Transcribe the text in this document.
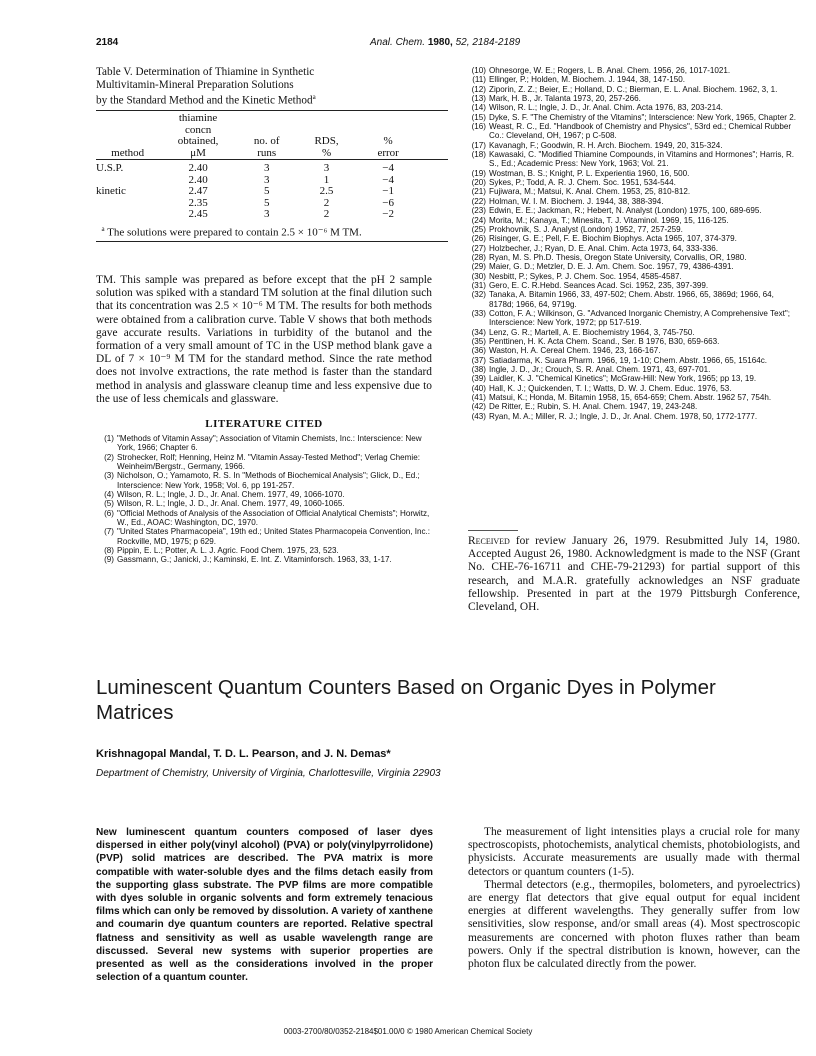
2184	Anal. Chem. 1980, 52, 2184-2189
Table V. Determination of Thiamine in Synthetic
Multivitamin-Mineral Preparation Solutions
by the Standard Method and the Kinetic Method$^a$
	thiamine				
	concn				
	obtained,	no. of	RDS,	%	
method	μM	runs	%	error	

U.S.P.	2.40	3	3	−4	
	2.40	3	1	−4	
kinetic	2.47	5	2.5	−1	
	2.35	5	2	−6	
	2.45	3	2	−2	
$^a$ The solutions were prepared to contain 2.5 × 10⁻⁶ M TM.
TM. This sample was prepared as before except that the pH 2 sample solution was spiked with a standard TM solution at the final dilution such that its concentration was 2.5 × 10⁻⁶ M TM. The results for both methods were obtained from a calibration curve. Table V shows that both methods gave accurate results. Variations in turbidity of the butanol and the formation of a very small amount of TC in the USP method blank gave a DL of 7 × 10⁻⁹ M TM for the standard method. Since the rate method does not involve extractions, the rate method is faster than the standard method in analysis and glassware cleanup time and less expensive due to the use of less chemicals and glassware.
LITERATURE CITED
(1) "Methods of Vitamin Assay"; Association of Vitamin Chemists, Inc.: Interscience: New York, 1966; Chapter 6.
(2) Strohecker, Rolf; Henning, Heinz M. "Vitamin Assay-Tested Method"; Verlag Chemie: Weinheim/Bergstr., Germany, 1966.
(3) Nicholson, O.; Yamamoto, R. S. In "Methods of Biochemical Analysis"; Glick, D., Ed.; Interscience: New York, 1958; Vol. 6, pp 191-257.
(4) Wilson, R. L.; Ingle, J. D., Jr. Anal. Chem. 1977, 49, 1066-1070.
(5) Wilson, R. L.; Ingle, J. D., Jr. Anal. Chem. 1977, 49, 1060-1065.
(6) "Official Methods of Analysis of the Association of Official Analytical Chemists"; Horwitz, W., Ed., AOAC: Washington, DC, 1970.
(7) "United States Pharmacopeia", 19th ed.; United States Pharmacopeia Convention, Inc.: Rockville, MD, 1975; p 629.
(8) Pippin, E. L.; Potter, A. L. J. Agric. Food Chem. 1975, 23, 523.
(9) Gassmann, G.; Janicki, J.; Kaminski, E. Int. Z. Vitaminforsch. 1963, 33, 1-17.
(10) Ohnesorge, W. E.; Rogers, L. B. Anal. Chem. 1956, 26, 1017-1021.
(11) Ellinger, P.; Holden, M. Biochem. J. 1944, 38, 147-150.
(12) Ziporin, Z. Z.; Beier, E.; Holland, D. C.; Bierman, E. L. Anal. Biochem. 1962, 3, 1.
(13) Mark, H. B., Jr. Talanta 1973, 20, 257-266.
(14) Wilson, R. L.; Ingle, J. D., Jr. Anal. Chim. Acta 1976, 83, 203-214.
(15) Dyke, S. F. "The Chemistry of the Vitamins"; Interscience: New York, 1965, Chapter 2.
(16) Weast, R. C., Ed. "Handbook of Chemistry and Physics", 53rd ed.; Chemical Rubber Co.: Cleveland, OH, 1967; p C-508.
(17) Kavanagh, F.; Goodwin, R. H. Arch. Biochem. 1949, 20, 315-324.
(18) Kawasaki, C. "Modified Thiamine Compounds, in Vitamins and Hormones"; Harris, R. S., Ed.; Academic Press: New York, 1963; Vol. 21.
(19) Wostman, B. S.; Knight, P. L. Experientia 1960, 16, 500.
(20) Sykes, P.; Todd, A. R. J. Chem. Soc. 1951, 534-544.
(21) Fujiwara, M.; Matsui, K. Anal. Chem. 1953, 25, 810-812.
(22) Holman, W. I. M. Biochem. J. 1944, 38, 388-394.
(23) Edwin, E. E.; Jackman, R.; Hebert, N. Analyst (London) 1975, 100, 689-695.
(24) Morita, M.; Kanaya, T.; Minesita, T. J. Vitaminol. 1969, 15, 116-125.
(25) Prokhovnik, S. J. Analyst (London) 1952, 77, 257-259.
(26) Risinger, G. E.; Pell, F. E. Biochim Biophys. Acta 1965, 107, 374-379.
(27) Holzbecher, J.; Ryan, D. E. Anal. Chim. Acta 1973, 64, 333-336.
(28) Ryan, M. S. Ph.D. Thesis, Oregon State University, Corvallis, OR, 1980.
(29) Maier, G. D.; Metzler, D. E. J. Am. Chem. Soc. 1957, 79, 4386-4391.
(30) Nesbitt, P.; Sykes, P. J. Chem. Soc. 1954, 4585-4587.
(31) Gero, E. C. R.Hebd. Seances Acad. Sci. 1952, 235, 397-399.
(32) Tanaka, A. Bitamin 1966, 33, 497-502; Chem. Abstr. 1966, 65, 3869d; 1966, 64, 8178d; 1966, 64, 9719g.
(33) Cotton, F. A.; Wilkinson, G. "Advanced Inorganic Chemistry, A Comprehensive Text"; Interscience: New York, 1972; pp 517-519.
(34) Lenz, G. R.; Martell, A. E. Biochemistry 1964, 3, 745-750.
(35) Penttinen, H. K. Acta Chem. Scand., Ser. B 1976, B30, 659-663.
(36) Waston, H. A. Cereal Chem. 1946, 23, 166-167.
(37) Satiadarma, K. Suara Pharm. 1966, 19, 1-10; Chem. Abstr. 1966, 65, 15164c.
(38) Ingle, J. D., Jr.; Crouch, S. R. Anal. Chem. 1971, 43, 697-701.
(39) Laidler, K. J. "Chemical Kinetics"; McGraw-Hill: New York, 1965; pp 13, 19.
(40) Hall, K. J.; Quickenden, T. I.; Watts, D. W. J. Chem. Educ. 1976, 53.
(41) Matsui, K.; Honda, M. Bitamin 1958, 15, 654-659; Chem. Abstr. 1962 57, 754h.
(42) De Ritter, E.; Rubin, S. H. Anal. Chem. 1947, 19, 243-248.
(43) Ryan, M. A.; Miller, R. J.; Ingle, J. D., Jr. Anal. Chem. 1978, 50, 1772-1777.
Received for review January 26, 1979. Resubmitted July 14, 1980. Accepted August 26, 1980. Acknowledgment is made to the NSF (Grant No. CHE-76-16711 and CHE-79-21293) for partial support of this research, and M.A.R. gratefully acknowledges an NSF graduate fellowship. Presented in part at the 1979 Pittsburgh Conference, Cleveland, OH.
Luminescent Quantum Counters Based on Organic Dyes in Polymer Matrices
Krishnagopal Mandal, T. D. L. Pearson, and J. N. Demas*
Department of Chemistry, University of Virginia, Charlottesville, Virginia 22903
New luminescent quantum counters composed of laser dyes dispersed in either poly(vinyl alcohol) (PVA) or poly(vinylpyrrolidone) (PVP) solid matrices are described. The PVA matrix is more compatible with water-soluble dyes and the films detach easily from the supporting glass substrate. The PVP films are more compatible with dyes soluble in organic solvents and form extremely tenacious films which can only be removed by dissolution. A variety of xanthene and coumarin dye quantum counters are reported. Relative spectral flatness and sensitivity as well as usable wavelength range are discussed. Several new systems with superior properties are presented as well as the considerations involved in the proper selection of a quantum counter.

The measurement of light intensities plays a crucial role for many spectroscopists, photochemists, analytical chemists, photobiologists, and physicists. Accurate measurements are usually made with thermal detectors or quantum counters (1-5).

Thermal detectors (e.g., thermopiles, bolometers, and pyroelectrics) are energy flat detectors that give equal output for equal incident energies at different wavelengths. They generally suffer from low sensitivities, slow response, and/or small areas (4). Most spectroscopic measurements are concerned with photon fluxes rather than beam powers. Only if the spectral distribution is known, however, can the photon flux be calculated directly from the power.

0003-2700/80/0352-2184$01.00/0 © 1980 American Chemical Society
